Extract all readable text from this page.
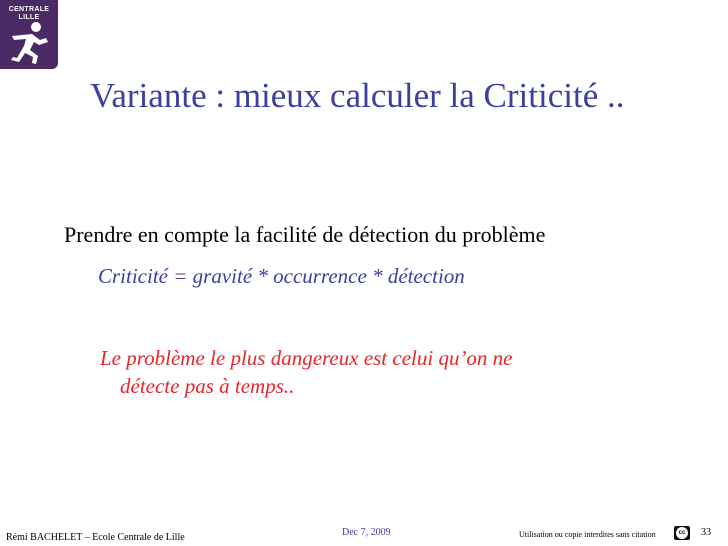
CENTRALE
LILLE
Variante : mieux calculer la Criticité ..
Prendre en compte la facilité de détection du problème
Criticité = gravité * occurrence * détection
Le problème le plus dangereux est celui qu’on ne
détecte pas à temps..
Rémi BACHELET – Ecole Centrale de Lille	Dec 7, 2009	Utilisation ou copie interdites sans citation	cc 33
